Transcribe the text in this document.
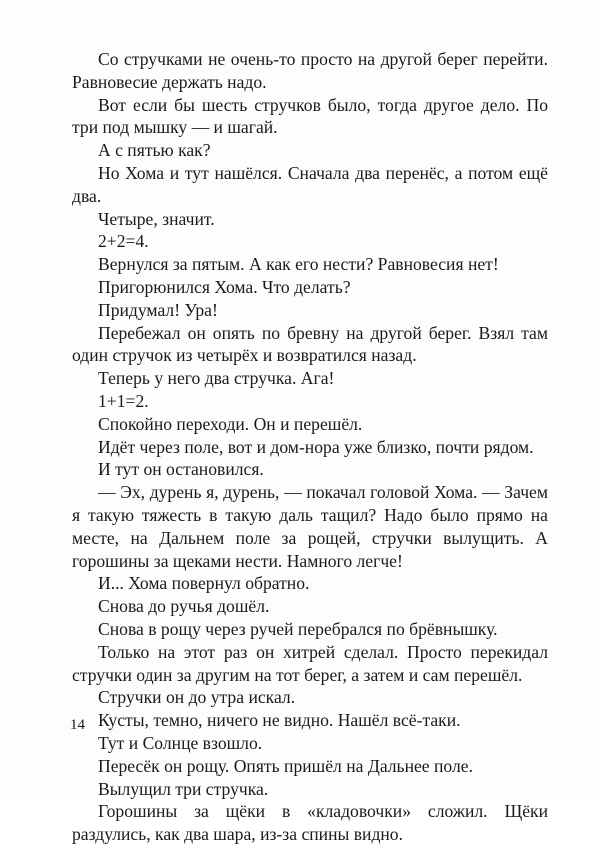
Со стручками не очень-то просто на другой берег перейти. Равновесие держать надо.

Вот если бы шесть стручков было, тогда другое дело. По три под мышку — и шагай.

А с пятью как?

Но Хома и тут нашёлся. Сначала два перенёс, а потом ещё два.

Четыре, значит.

2+2=4.

Вернулся за пятым. А как его нести? Равновесия нет!

Пригорюнился Хома. Что делать?

Придумал! Ура!

Перебежал он опять по бревну на другой берег. Взял там один стручок из четырёх и возвратился назад.

Теперь у него два стручка. Ага!

1+1=2.

Спокойно переходи. Он и перешёл.

Идёт через поле, вот и дом-нора уже близко, почти рядом.

И тут он остановился.

— Эх, дурень я, дурень, — покачал головой Хома. — Зачем я такую тяжесть в такую даль тащил? Надо было прямо на месте, на Дальнем поле за рощей, стручки вылущить. А горошины за щеками нести. Намного легче!

И... Хома повернул обратно.

Снова до ручья дошёл.

Снова в рощу через ручей перебрался по брёвнышку.

Только на этот раз он хитрей сделал. Просто перекидал стручки один за другим на тот берег, а затем и сам перешёл.

Стручки он до утра искал.

Кусты, темно, ничего не видно. Нашёл всё-таки.

Тут и Солнце взошло.

Пересёк он рощу. Опять пришёл на Дальнее поле.

Вылущил три стручка.

Горошины за щёки в «кладовочки» сложил. Щёки раздулись, как два шара, из-за спины видно.

14
